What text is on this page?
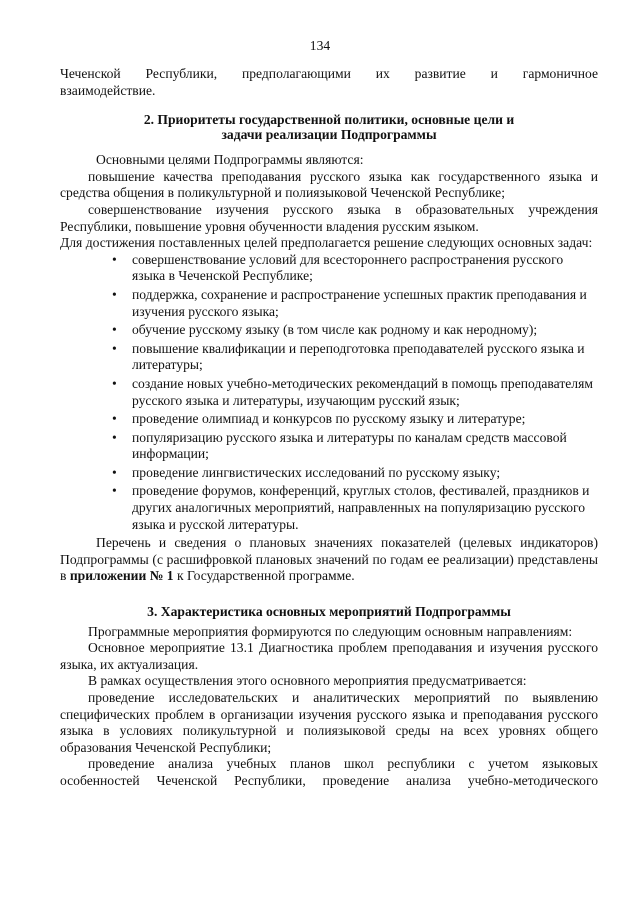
134

Чеченской Республики, предполагающими их развитие и гармоничное

взаимодействие.

2. Приоритеты государственной политики, основные цели и
задачи реализации Подпрограммы

Основными целями Подпрограммы являются:

повышение качества преподавания русского языка как государственного языка и средства общения в поликультурной и полиязыковой Чеченской Республике;

совершенствование изучения русского языка в образовательных учреждения Республики, повышение уровня обученности владения русским языком.

Для достижения поставленных целей предполагается решение следующих основных задач:

• совершенствование условий для всестороннего распространения русского языка в Чеченской Республике;
• поддержка, сохранение и распространение успешных практик преподавания и изучения русского языка;
• обучение русскому языку (в том числе как родному и как неродному);
• повышение квалификации и переподготовка преподавателей русского языка и литературы;
• создание новых учебно-методических рекомендаций в помощь преподавателям русского языка и литературы, изучающим русский язык;
• проведение олимпиад и конкурсов по русскому языку и литературе;
• популяризацию русского языка и литературы по каналам средств массовой информации;
• проведение лингвистических исследований по русскому языку;
• проведение форумов, конференций, круглых столов, фестивалей, праздников и других аналогичных мероприятий, направленных на популяризацию русского языка и русской литературы.

Перечень и сведения о плановых значениях показателей (целевых индикаторов) Подпрограммы (с расшифровкой плановых значений по годам ее реализации) представлены в приложении № 1 к Государственной программе.

3. Характеристика основных мероприятий Подпрограммы

Программные мероприятия формируются по следующим основным направлениям:

Основное мероприятие 13.1 Диагностика проблем преподавания и изучения русского языка, их актуализация.

В рамках осуществления этого основного мероприятия предусматривается:

проведение исследовательских и аналитических мероприятий по выявлению специфических проблем в организации изучения русского языка и преподавания русского языка в условиях поликультурной и полиязыковой среды на всех уровнях общего образования Чеченской Республики;

проведение анализа учебных планов школ республики с учетом языковых особенностей Чеченской Республики, проведение анализа учебно-методического
